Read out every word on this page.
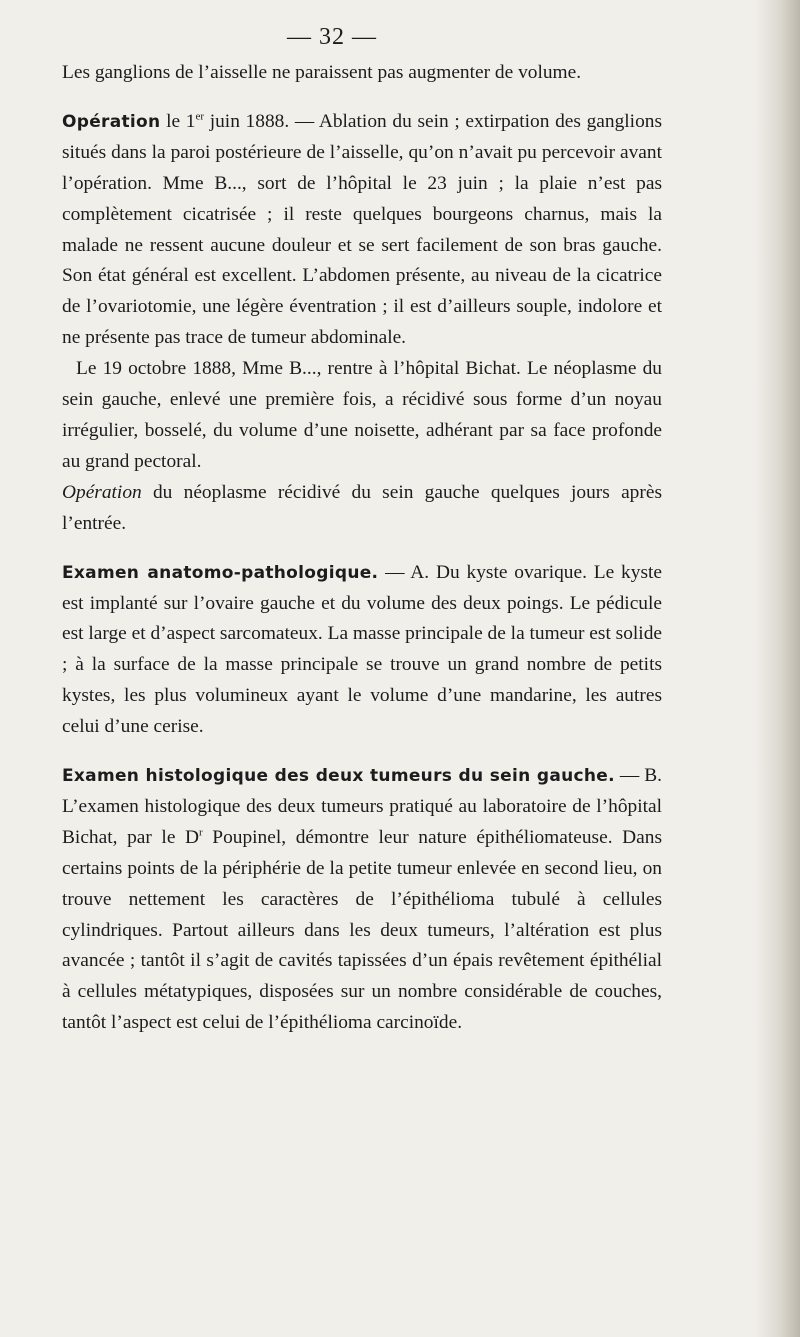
— 32 —

Les ganglions de l’aisselle ne paraissent pas augmenter de volume.

Opération le 1er juin 1888. — Ablation du sein ; extirpation des ganglions situés dans la paroi postérieure de l’aisselle, qu’on n’avait pu percevoir avant l’opération. Mme B..., sort de l’hôpital le 23 juin ; la plaie n’est pas complètement cicatrisée ; il reste quelques bourgeons charnus, mais la malade ne ressent aucune douleur et se sert facilement de son bras gauche. Son état général est excellent. L’abdomen présente, au niveau de la cicatrice de l’ovariotomie, une légère éventration ; il est d’ailleurs souple, indolore et ne présente pas trace de tumeur abdominale.

Le 19 octobre 1888, Mme B..., rentre à l’hôpital Bichat. Le néoplasme du sein gauche, enlevé une première fois, a récidivé sous forme d’un noyau irrégulier, bosselé, du volume d’une noisette, adhérant par sa face profonde au grand pectoral.

Opération du néoplasme récidivé du sein gauche quelques jours après l’entrée.

Examen anatomo-pathologique. — A. Du kyste ovarique. Le kyste est implanté sur l’ovaire gauche et du volume des deux poings. Le pédicule est large et d’aspect sarcomateux. La masse principale de la tumeur est solide ; à la surface de la masse principale se trouve un grand nombre de petits kystes, les plus volumineux ayant le volume d’une mandarine, les autres celui d’une cerise.

Examen histologique des deux tumeurs du sein gauche. — B. L’examen histologique des deux tumeurs pratiqué au laboratoire de l’hôpital Bichat, par le $D^r$ Poupinel, démontre leur nature épithéliomateuse. Dans certains points de la périphérie de la petite tumeur enlevée en second lieu, on trouve nettement les caractères de l’épithélioma tubulé à cellules cylindriques. Partout ailleurs dans les deux tumeurs, l’altération est plus avancée ; tantôt il s’agit de cavités tapissées d’un épais revêtement épithélial à cellules métatypiques, disposées sur un nombre considérable de couches, tantôt l’aspect est celui de l’épithélioma carcinoïde.
